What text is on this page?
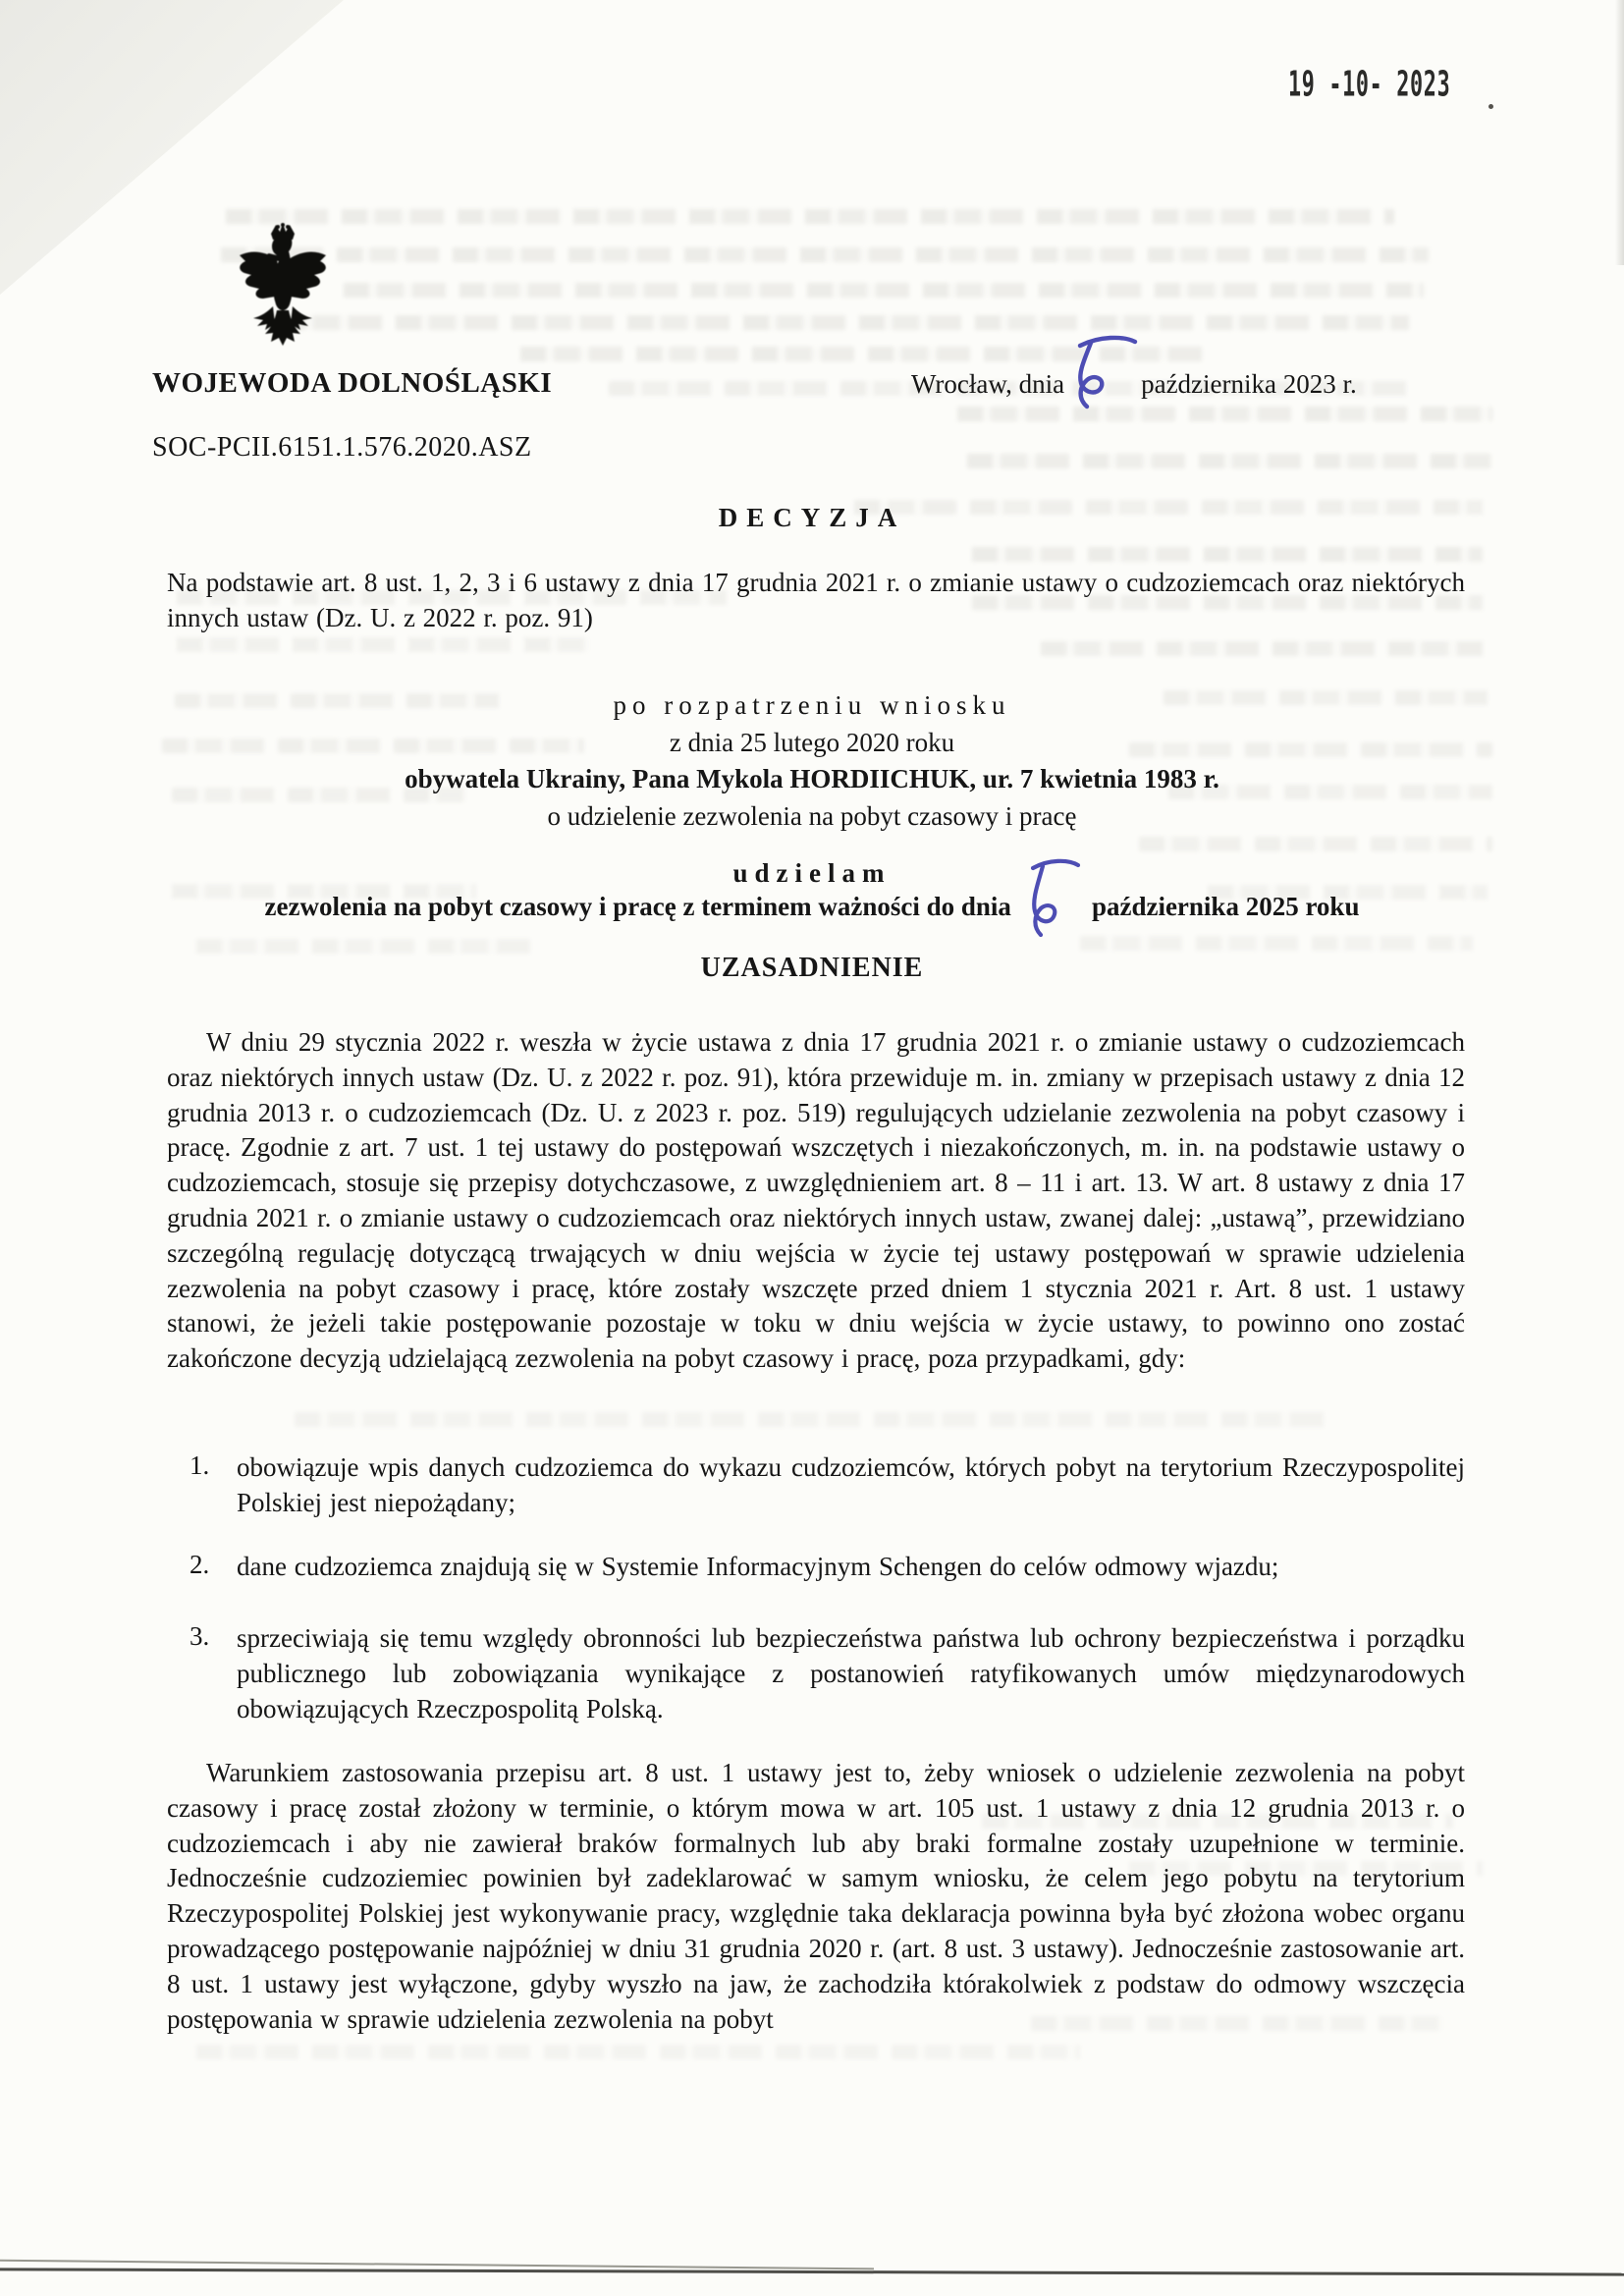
19 -10- 2023
WOJEWODA DOLNOŚLĄSKI	Wrocław, dnia	października 2023 r.
SOC-PCII.6151.1.576.2020.ASZ
DECYZJA
Na podstawie art. 8 ust. 1, 2, 3 i 6 ustawy z dnia 17 grudnia 2021 r. o zmianie ustawy o cudzoziemcach oraz niektórych innych ustaw (Dz. U. z 2022 r. poz. 91)
po rozpatrzeniu wniosku
z dnia 25 lutego 2020 roku
obywatela Ukrainy, Pana Mykola HORDIICHUK, ur. 7 kwietnia 1983 r.
o udzielenie zezwolenia na pobyt czasowy i pracę
udzielam
zezwolenia na pobyt czasowy i pracę z terminem ważności do dnia	października 2025 roku
UZASADNIENIE
W dniu 29 stycznia 2022 r. weszła w życie ustawa z dnia 17 grudnia 2021 r. o zmianie ustawy o cudzoziemcach oraz niektórych innych ustaw (Dz. U. z 2022 r. poz. 91), która przewiduje m. in. zmiany w przepisach ustawy z dnia 12 grudnia 2013 r. o cudzoziemcach (Dz. U. z 2023 r. poz. 519) regulujących udzielanie zezwolenia na pobyt czasowy i pracę. Zgodnie z art. 7 ust. 1 tej ustawy do postępowań wszczętych i niezakończonych, m. in. na podstawie ustawy o cudzoziemcach, stosuje się przepisy dotychczasowe, z uwzględnieniem art. 8 – 11 i art. 13. W art. 8 ustawy z dnia 17 grudnia 2021 r. o zmianie ustawy o cudzoziemcach oraz niektórych innych ustaw, zwanej dalej: „ustawą”, przewidziano szczególną regulację dotyczącą trwających w dniu wejścia w życie tej ustawy postępowań w sprawie udzielenia zezwolenia na pobyt czasowy i pracę, które zostały wszczęte przed dniem 1 stycznia 2021 r. Art. 8 ust. 1 ustawy stanowi, że jeżeli takie postępowanie pozostaje w toku w dniu wejścia w życie ustawy, to powinno ono zostać zakończone decyzją udzielającą zezwolenia na pobyt czasowy i pracę, poza przypadkami, gdy:
1. obowiązuje wpis danych cudzoziemca do wykazu cudzoziemców, których pobyt na terytorium Rzeczypospolitej Polskiej jest niepożądany;
2. dane cudzoziemca znajdują się w Systemie Informacyjnym Schengen do celów odmowy wjazdu;
3. sprzeciwiają się temu względy obronności lub bezpieczeństwa państwa lub ochrony bezpieczeństwa i porządku publicznego lub zobowiązania wynikające z postanowień ratyfikowanych umów międzynarodowych obowiązujących Rzeczpospolitą Polską.
Warunkiem zastosowania przepisu art. 8 ust. 1 ustawy jest to, żeby wniosek o udzielenie zezwolenia na pobyt czasowy i pracę został złożony w terminie, o którym mowa w art. 105 ust. 1 ustawy z dnia 12 grudnia 2013 r. o cudzoziemcach i aby nie zawierał braków formalnych lub aby braki formalne zostały uzupełnione w terminie. Jednocześnie cudzoziemiec powinien był zadeklarować w samym wniosku, że celem jego pobytu na terytorium Rzeczypospolitej Polskiej jest wykonywanie pracy, względnie taka deklaracja powinna była być złożona wobec organu prowadzącego postępowanie najpóźniej w dniu 31 grudnia 2020 r. (art. 8 ust. 3 ustawy). Jednocześnie zastosowanie art. 8 ust. 1 ustawy jest wyłączone, gdyby wyszło na jaw, że zachodziła którakolwiek z podstaw do odmowy wszczęcia postępowania w sprawie udzielenia zezwolenia na pobyt
